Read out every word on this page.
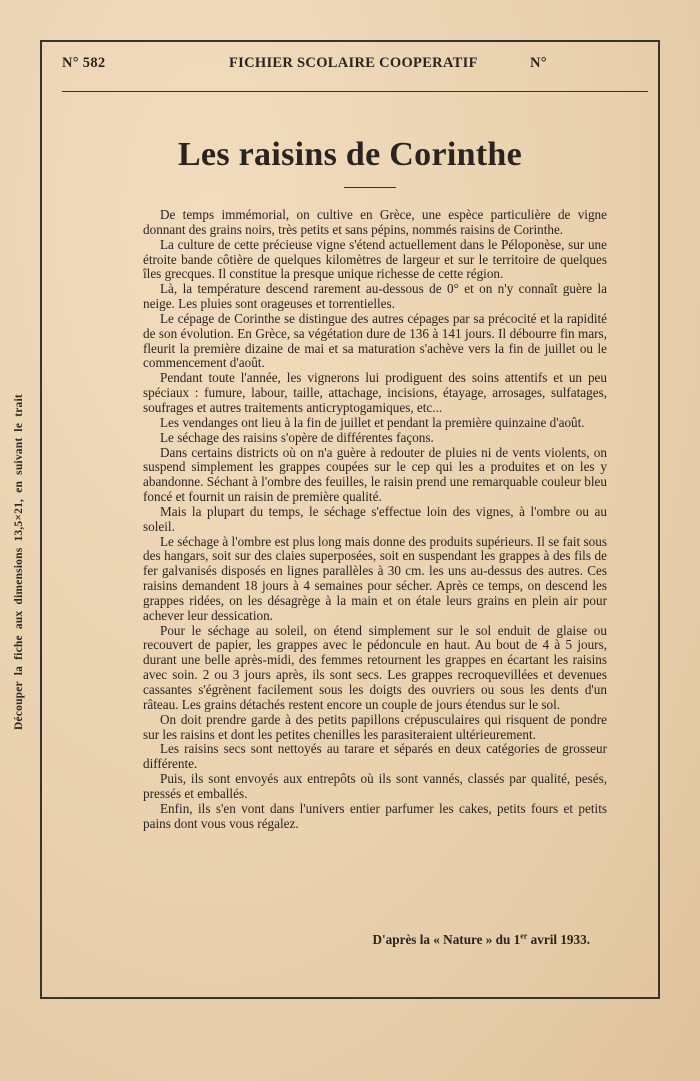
Découper la fiche aux dimensions 13,5×21, en suivant le trait
N° 582	FICHIER SCOLAIRE COOPERATIF	N°
Les raisins de Corinthe

De temps immémorial, on cultive en Grèce, une espèce particulière de vigne donnant des grains noirs, très petits et sans pépins, nommés raisins de Corinthe.

La culture de cette précieuse vigne s'étend actuellement dans le Péloponèse, sur une étroite bande côtière de quelques kilomètres de largeur et sur le territoire de quelques îles grecques. Il constitue la presque unique richesse de cette région.

Là, la température descend rarement au-dessous de 0° et on n'y connaît guère la neige. Les pluies sont orageuses et torrentielles.

Le cépage de Corinthe se distingue des autres cépages par sa précocité et la rapidité de son évolution. En Grèce, sa végétation dure de 136 à 141 jours. Il débourre fin mars, fleurit la première dizaine de mai et sa maturation s'achève vers la fin de juillet ou le commencement d'août.

Pendant toute l'année, les vignerons lui prodiguent des soins attentifs et un peu spéciaux : fumure, labour, taille, attachage, incisions, étayage, arrosages, sulfatages, soufrages et autres traitements anticryptogamiques, etc...

Les vendanges ont lieu à la fin de juillet et pendant la première quinzaine d'août.

Le séchage des raisins s'opère de différentes façons.

Dans certains districts où on n'a guère à redouter de pluies ni de vents violents, on suspend simplement les grappes coupées sur le cep qui les a produites et on les y abandonne. Séchant à l'ombre des feuilles, le raisin prend une remarquable couleur bleu foncé et fournit un raisin de première qualité.

Mais la plupart du temps, le séchage s'effectue loin des vignes, à l'ombre ou au soleil.

Le séchage à l'ombre est plus long mais donne des produits supérieurs. Il se fait sous des hangars, soit sur des claies superposées, soit en suspendant les grappes à des fils de fer galvanisés disposés en lignes parallèles à 30 cm. les uns au-dessus des autres. Ces raisins demandent 18 jours à 4 semaines pour sécher. Après ce temps, on descend les grappes ridées, on les désagrège à la main et on étale leurs grains en plein air pour achever leur dessication.

Pour le séchage au soleil, on étend simplement sur le sol enduit de glaise ou recouvert de papier, les grappes avec le pédoncule en haut. Au bout de 4 à 5 jours, durant une belle après-midi, des femmes retournent les grappes en écartant les raisins avec soin. 2 ou 3 jours après, ils sont secs. Les grappes recroquevillées et devenues cassantes s'égrènent facilement sous les doigts des ouvriers ou sous les dents d'un râteau. Les grains détachés restent encore un couple de jours étendus sur le sol.

On doit prendre garde à des petits papillons crépusculaires qui risquent de pondre sur les raisins et dont les petites chenilles les parasiteraient ultérieurement.

Les raisins secs sont nettoyés au tarare et séparés en deux catégories de grosseur différente.

Puis, ils sont envoyés aux entrepôts où ils sont vannés, classés par qualité, pesés, pressés et emballés.

Enfin, ils s'en vont dans l'univers entier parfumer les cakes, petits fours et petits pains dont vous vous régalez.

D'après la « Nature » du 1er avril 1933.
